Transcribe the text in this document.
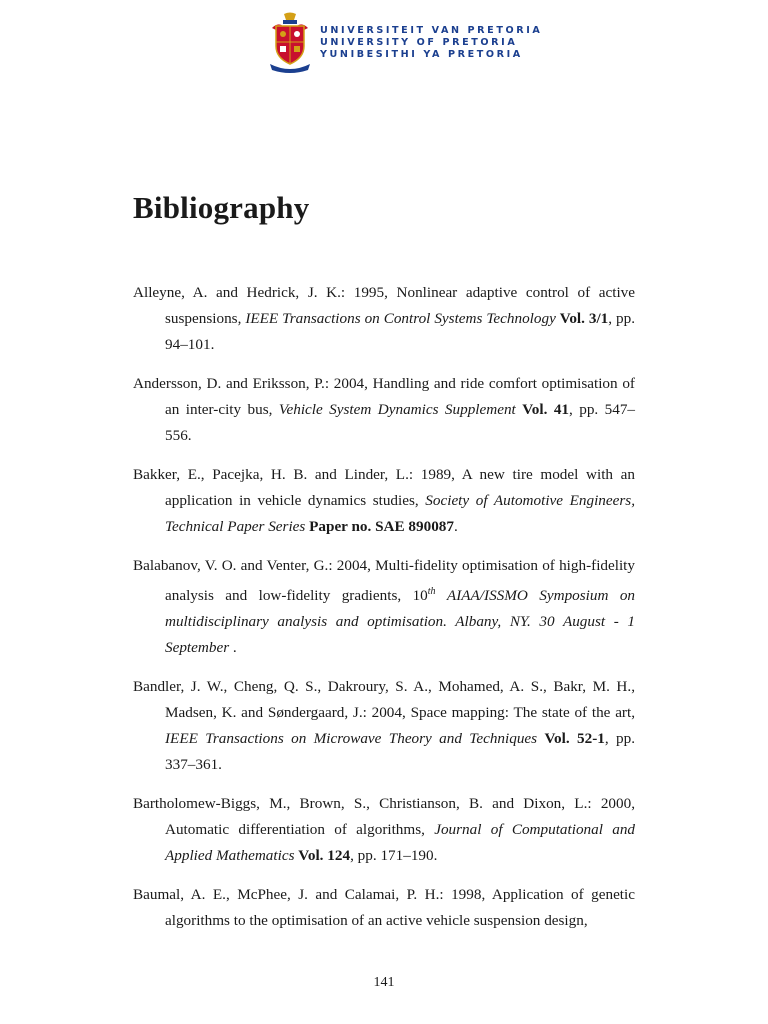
UNIVERSITEIT VAN PRETORIA
UNIVERSITY OF PRETORIA
YUNIBESITHI YA PRETORIA
Bibliography

Alleyne, A. and Hedrick, J. K.: 1995, Nonlinear adaptive control of active suspensions, IEEE Transactions on Control Systems Technology Vol. 3/1, pp. 94–101.

Andersson, D. and Eriksson, P.: 2004, Handling and ride comfort optimisation of an inter-city bus, Vehicle System Dynamics Supplement Vol. 41, pp. 547–556.

Bakker, E., Pacejka, H. B. and Linder, L.: 1989, A new tire model with an application in vehicle dynamics studies, Society of Automotive Engineers, Technical Paper Series Paper no. SAE 890087.

Balabanov, V. O. and Venter, G.: 2004, Multi-fidelity optimisation of high-fidelity analysis and low-fidelity gradients, 10th AIAA/ISSMO Symposium on multidisciplinary analysis and optimisation. Albany, NY. 30 August - 1 September .

Bandler, J. W., Cheng, Q. S., Dakroury, S. A., Mohamed, A. S., Bakr, M. H., Madsen, K. and Søndergaard, J.: 2004, Space mapping: The state of the art, IEEE Transactions on Microwave Theory and Techniques Vol. 52-1, pp. 337–361.

Bartholomew-Biggs, M., Brown, S., Christianson, B. and Dixon, L.: 2000, Automatic differentiation of algorithms, Journal of Computational and Applied Mathematics Vol. 124, pp. 171–190.

Baumal, A. E., McPhee, J. and Calamai, P. H.: 1998, Application of genetic algorithms to the optimisation of an active vehicle suspension design,

141
